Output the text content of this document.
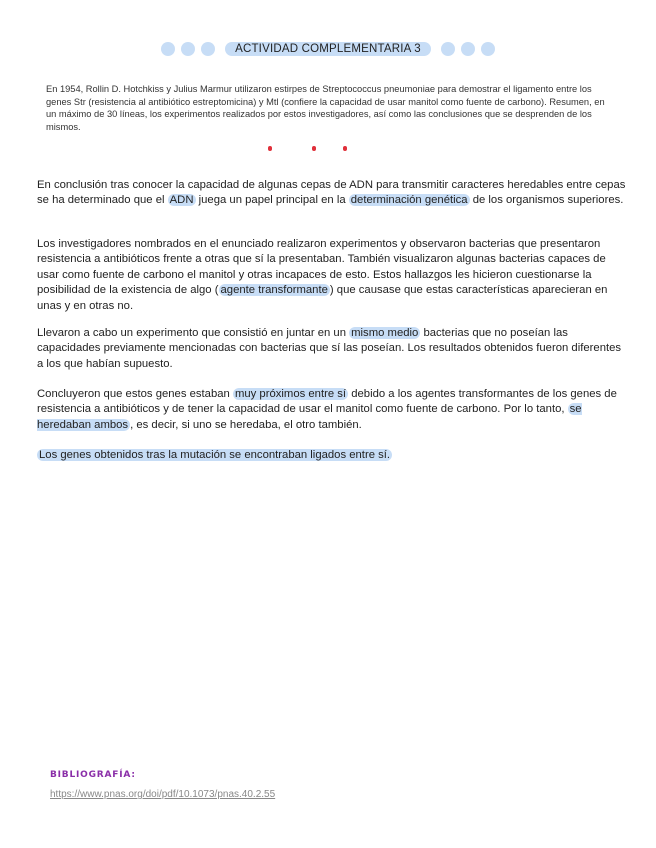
ACTIVIDAD COMPLEMENTARIA 3
En 1954, Rollin D. Hotchkiss y Julius Marmur utilizaron estirpes de Streptococcus pneumoniae para demostrar el ligamento entre los genes Str (resistencia al antibiótico estreptomicina) y Mtl (confiere la capacidad de usar manitol como fuente de carbono). Resumen, en un máximo de 30 líneas, los experimentos realizados por estos investigadores, así como las conclusiones que se desprenden de los mismos.
En conclusión tras conocer la capacidad de algunas cepas de ADN para transmitir caracteres heredables entre cepas se ha determinado que el ADN juega un papel principal en la determinación genética de los organismos superiores.
Los investigadores nombrados en el enunciado realizaron experimentos y observaron bacterias que presentaron resistencia a antibióticos frente a otras que sí la presentaban. También visualizaron algunas bacterias capaces de usar como fuente de carbono el manitol y otras incapaces de esto. Estos hallazgos les hicieron cuestionarse la posibilidad de la existencia de algo ( agente transformante ) que causase que estas características aparecieran en unas y en otras no.
Llevaron a cabo un experimento que consistió en juntar en un mismo medio bacterias que no poseían las capacidades previamente mencionadas con bacterias que sí las poseían. Los resultados obtenidos fueron diferentes a los que habían supuesto.
Concluyeron que estos genes estaban muy próximos entre sí debido a los agentes transformantes de los genes de resistencia a antibióticos y de tener la capacidad de usar el manitol como fuente de carbono. Por lo tanto, se heredaban ambos , es decir, si uno se heredaba, el otro también.
Los genes obtenidos tras la mutación se encontraban ligados entre sí.
BIBLIOGRAFÍA:
https://www.pnas.org/doi/pdf/10.1073/pnas.40.2.55
